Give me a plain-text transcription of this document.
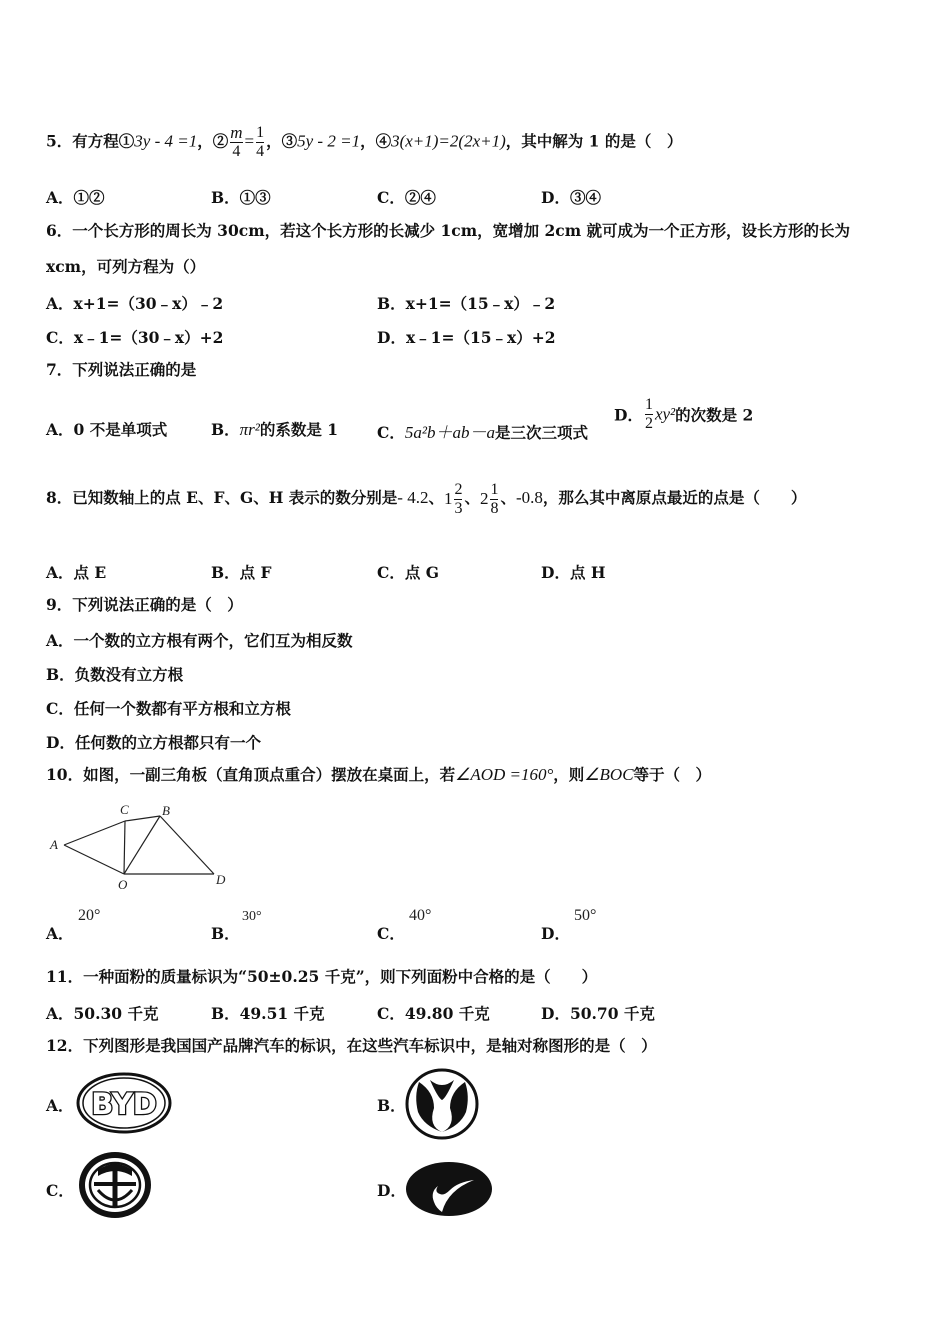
5．有方程①3y - 4 =1，② $\frac{m}{4} = \frac{1}{4}$ ，③5y - 2 =1，④3(x+1)=2(2x+1)，其中解为 1 的是（　）
A．①②	B．①③	C．②④	D．③④
6．一个长方形的周长为 30cm，若这个长方形的长减少 1cm，宽增加 2cm 就可成为一个正方形，设长方形的长为
xcm，可列方程为（）
A．x+1=（30﹣x）﹣2	B．x+1=（15﹣x）﹣2
C．x﹣1=（30﹣x）+2	D．x﹣1=（15﹣x）+2
7．下列说法正确的是
A．0 不是单项式	B．πr²的系数是 1	C．5a²b＋ab－a是三次三项式
D． $\frac{1}{2} xy^2$的次数是 2
8．已知数轴上的点 E、F、G、H 表示的数分别是- 4.2、$1 \frac{2}{3}$ 、$2 \frac{1}{8}$ 、-0.8，那么其中离原点最近的点是（　　）
A．点 E	B．点 F	C．点 G	D．点 H
9．下列说法正确的是（　）
A．一个数的立方根有两个，它们互为相反数
B．负数没有立方根
C．任何一个数都有平方根和立方根
D．任何数的立方根都只有一个
10．如图，一副三角板（直角顶点重合）摆放在桌面上，若∠AOD =160°，则∠BOC等于（　）
C	B
A
O	D
A．
20°
B．
30°
C．
40°
D．
50°
11．一种面粉的质量标识为“50±0.25 千克”，则下列面粉中合格的是（　　）
A．50.30 千克	B．49.51 千克	C．49.80 千克	D．50.70 千克
12．下列图形是我国国产品牌汽车的标识，在这些汽车标识中，是轴对称图形的是（　）
A． BYD	B．
C．	D．
